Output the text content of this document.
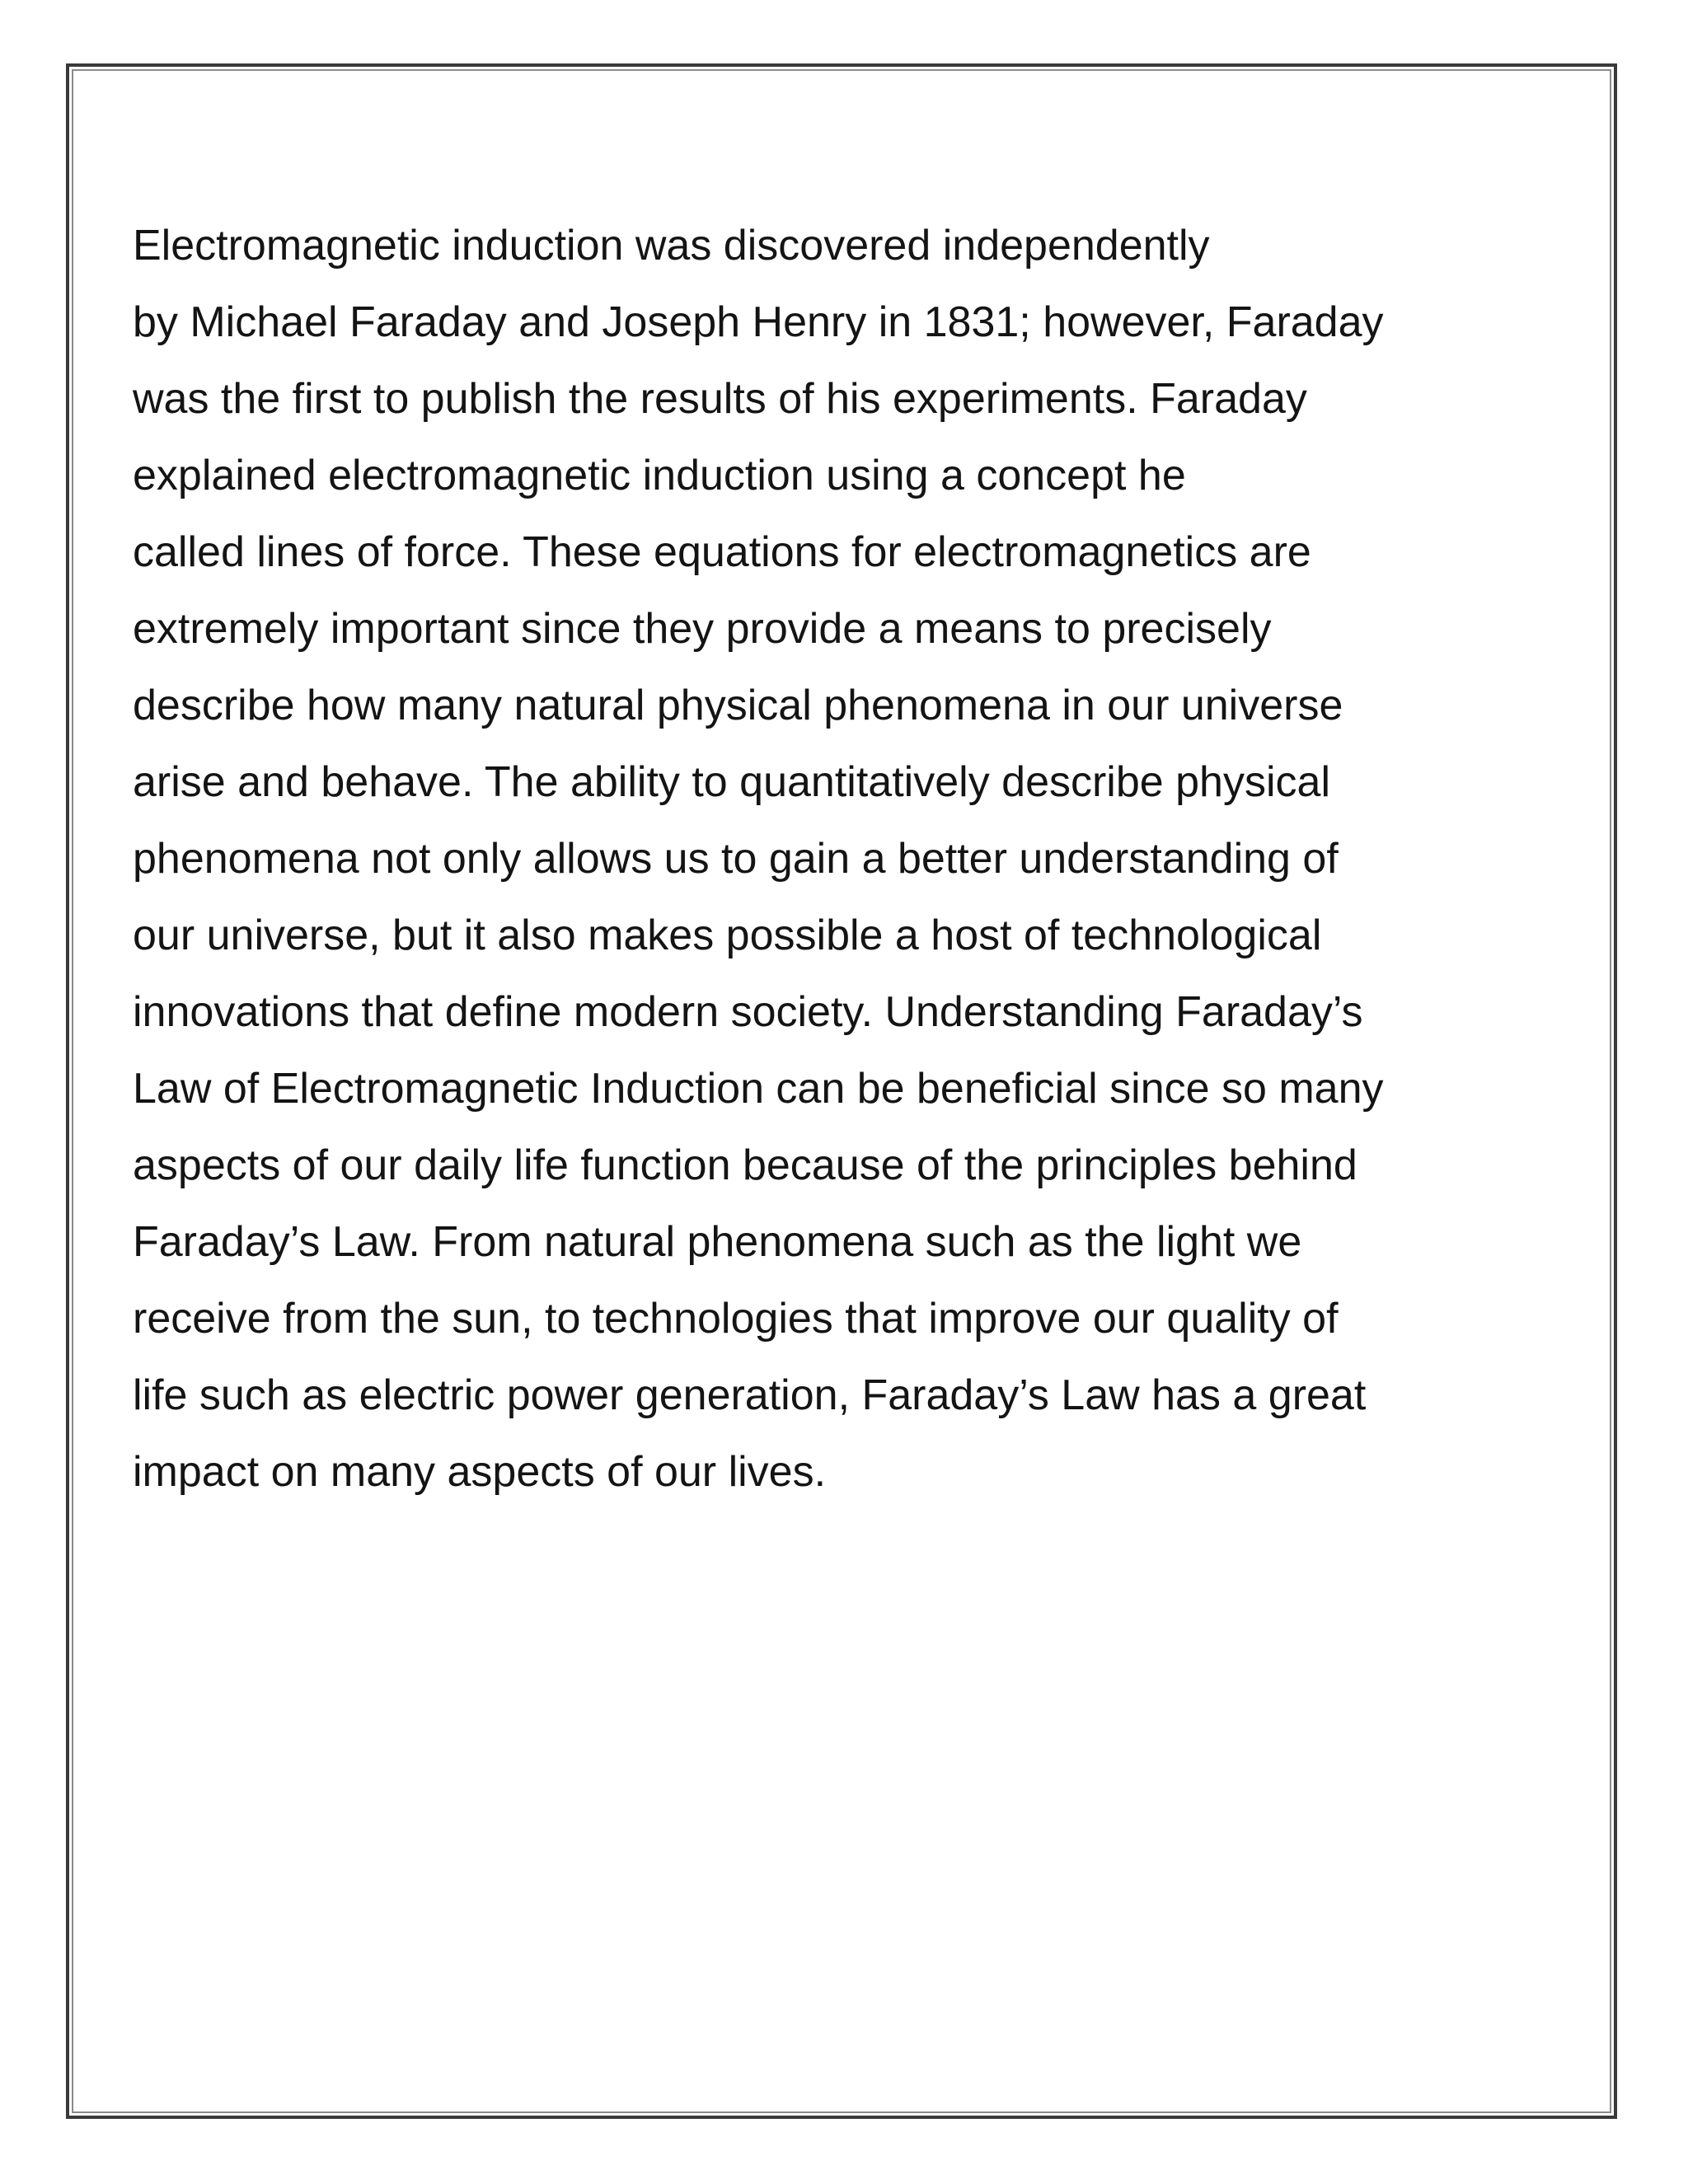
Electromagnetic induction was discovered independently
by Michael Faraday and Joseph Henry in 1831; however, Faraday
was the first to publish the results of his experiments. Faraday
explained electromagnetic induction using a concept he
called lines of force. These equations for electromagnetics are
extremely important since they provide a means to precisely
describe how many natural physical phenomena in our universe
arise and behave. The ability to quantitatively describe physical
phenomena not only allows us to gain a better understanding of
our universe, but it also makes possible a host of technological
innovations that define modern society. Understanding Faraday’s
Law of Electromagnetic Induction can be beneficial since so many
aspects of our daily life function because of the principles behind
Faraday’s Law. From natural phenomena such as the light we
receive from the sun, to technologies that improve our quality of
life such as electric power generation, Faraday’s Law has a great
impact on many aspects of our lives.
